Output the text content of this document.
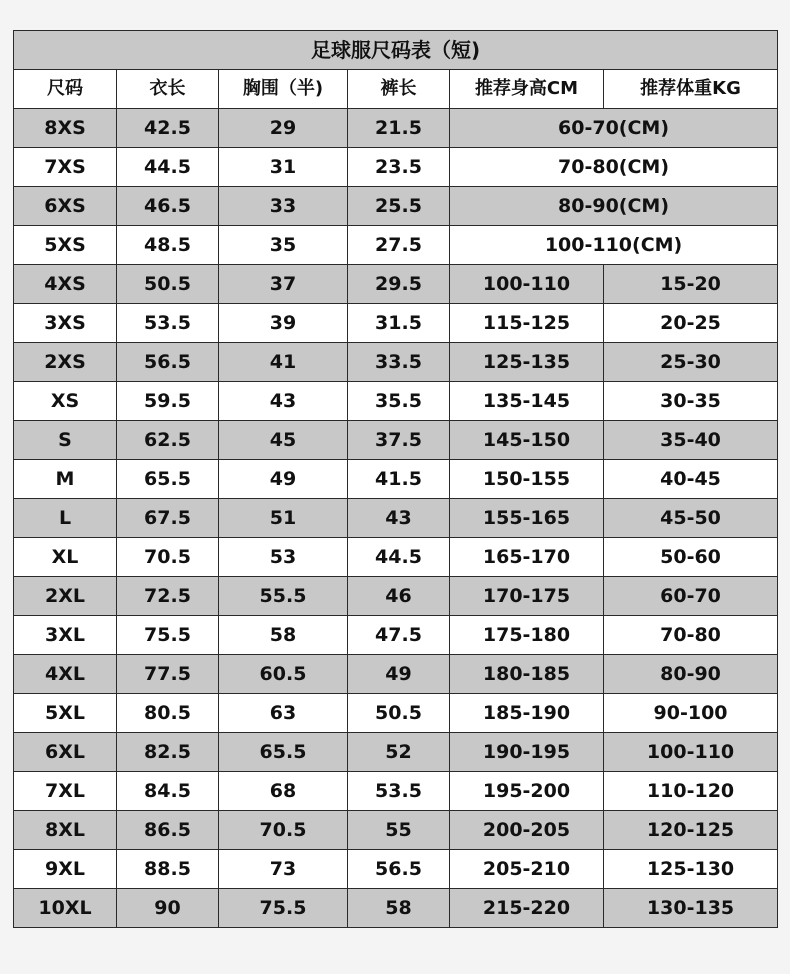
足球服尺码表（短)					
尺码	衣长	胸围（半)	裤长	推荐身高CM	推荐体重KG
8XS	42.5	29	21.5	60-70(CM)	
7XS	44.5	31	23.5	70-80(CM)	
6XS	46.5	33	25.5	80-90(CM)	
5XS	48.5	35	27.5	100-110(CM)	
4XS	50.5	37	29.5	100-110	15-20
3XS	53.5	39	31.5	115-125	20-25
2XS	56.5	41	33.5	125-135	25-30
XS	59.5	43	35.5	135-145	30-35
S	62.5	45	37.5	145-150	35-40
M	65.5	49	41.5	150-155	40-45
L	67.5	51	43	155-165	45-50
XL	70.5	53	44.5	165-170	50-60
2XL	72.5	55.5	46	170-175	60-70
3XL	75.5	58	47.5	175-180	70-80
4XL	77.5	60.5	49	180-185	80-90
5XL	80.5	63	50.5	185-190	90-100
6XL	82.5	65.5	52	190-195	100-110
7XL	84.5	68	53.5	195-200	110-120
8XL	86.5	70.5	55	200-205	120-125
9XL	88.5	73	56.5	205-210	125-130
10XL	90	75.5	58	215-220	130-135
